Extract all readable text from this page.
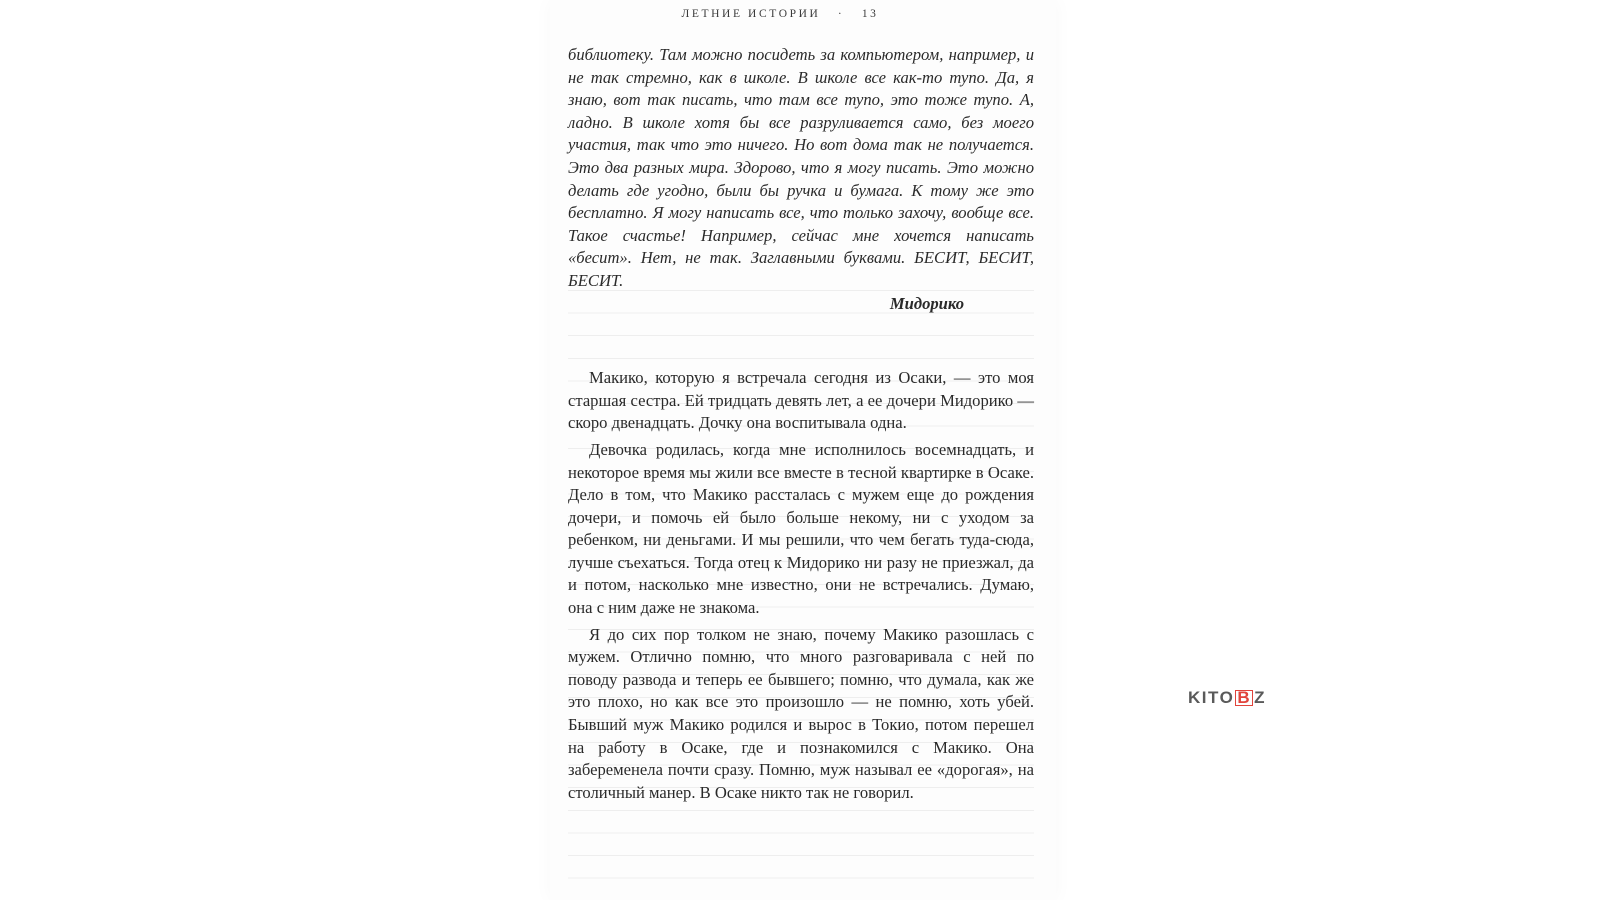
ЛЕТНИЕ ИСТОРИИ · 13
библиотеку. Там можно посидеть за компьютером, например, и не так стремно, как в школе. В школе все как-то тупо. Да, я знаю, вот так писать, что там все тупо, это тоже тупо. А, ладно. В школе хотя бы все разруливается само, без моего участия, так что это ничего. Но вот дома так не получается. Это два разных мира. Здорово, что я могу писать. Это можно делать где угодно, были бы ручка и бумага. К тому же это бесплатно. Я могу написать все, что только захочу, вообще все. Такое счастье! Например, сейчас мне хочется написать «бесит». Нет, не так. Заглавными буквами. БЕСИТ, БЕСИТ, БЕСИТ.
Мидорико

Макико, которую я встречала сегодня из Осаки, — это моя старшая сестра. Ей тридцать девять лет, а ее дочери Мидорико — скоро двенадцать. Дочку она воспитывала одна.

Девочка родилась, когда мне исполнилось восемнадцать, и некоторое время мы жили все вместе в тесной квартирке в Осаке. Дело в том, что Макико рассталась с мужем еще до рождения дочери, и помочь ей было больше некому, ни с уходом за ребенком, ни деньгами. И мы решили, что чем бегать туда-сюда, лучше съехаться. Тогда отец к Мидорико ни разу не приезжал, да и потом, насколько мне известно, они не встречались. Думаю, она с ним даже не знакома.

Я до сих пор толком не знаю, почему Макико разошлась с мужем. Отлично помню, что много разговаривала с ней по поводу развода и теперь ее бывшего; помню, что думала, как же это плохо, но как все это произошло — не помню, хоть убей. Бывший муж Макико родился и вырос в Токио, потом перешел на работу в Осаке, где и познакомился с Макико. Она забеременела почти сразу. Помню, муж называл ее «дорогая», на столичный манер. В Осаке никто так не говорил.

KITO B Z
